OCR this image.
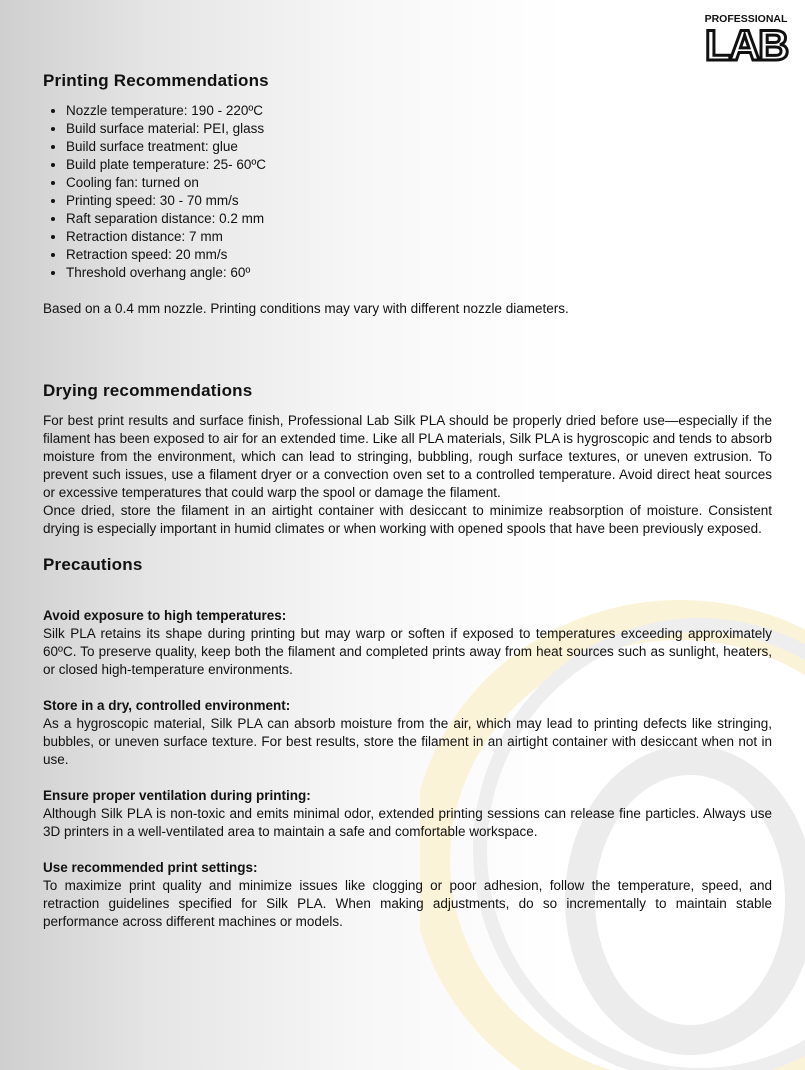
PROFESSIONAL
LAB
Printing Recommendations
• Nozzle temperature: 190 - 220ºC
• Build surface material: PEI, glass
• Build surface treatment: glue
• Build plate temperature: 25- 60ºC
• Cooling fan: turned on
• Printing speed: 30 - 70 mm/s
• Raft separation distance: 0.2 mm
• Retraction distance: 7 mm
• Retraction speed: 20 mm/s
• Threshold overhang angle: 60º

Based on a 0.4 mm nozzle. Printing conditions may vary with different nozzle diameters.

Drying recommendations

For best print results and surface finish, Professional Lab Silk PLA should be properly dried before use—especially if the filament has been exposed to air for an extended time. Like all PLA materials, Silk PLA is hygroscopic and tends to absorb moisture from the environment, which can lead to stringing, bubbling, rough surface textures, or uneven extrusion. To prevent such issues, use a filament dryer or a convection oven set to a controlled temperature. Avoid direct heat sources or excessive temperatures that could warp the spool or damage the filament.

Once dried, store the filament in an airtight container with desiccant to minimize reabsorption of moisture. Consistent drying is especially important in humid climates or when working with opened spools that have been previously exposed.

Precautions

Avoid exposure to high temperatures:

Silk PLA retains its shape during printing but may warp or soften if exposed to temperatures exceeding approximately 60ºC. To preserve quality, keep both the filament and completed prints away from heat sources such as sunlight, heaters, or closed high-temperature environments.

Store in a dry, controlled environment:

As a hygroscopic material, Silk PLA can absorb moisture from the air, which may lead to printing defects like stringing, bubbles, or uneven surface texture. For best results, store the filament in an airtight container with desiccant when not in use.

Ensure proper ventilation during printing:

Although Silk PLA is non-toxic and emits minimal odor, extended printing sessions can release fine particles. Always use 3D printers in a well-ventilated area to maintain a safe and comfortable workspace.

Use recommended print settings:

To maximize print quality and minimize issues like clogging or poor adhesion, follow the temperature, speed, and retraction guidelines specified for Silk PLA. When making adjustments, do so incrementally to maintain stable performance across different machines or models.
